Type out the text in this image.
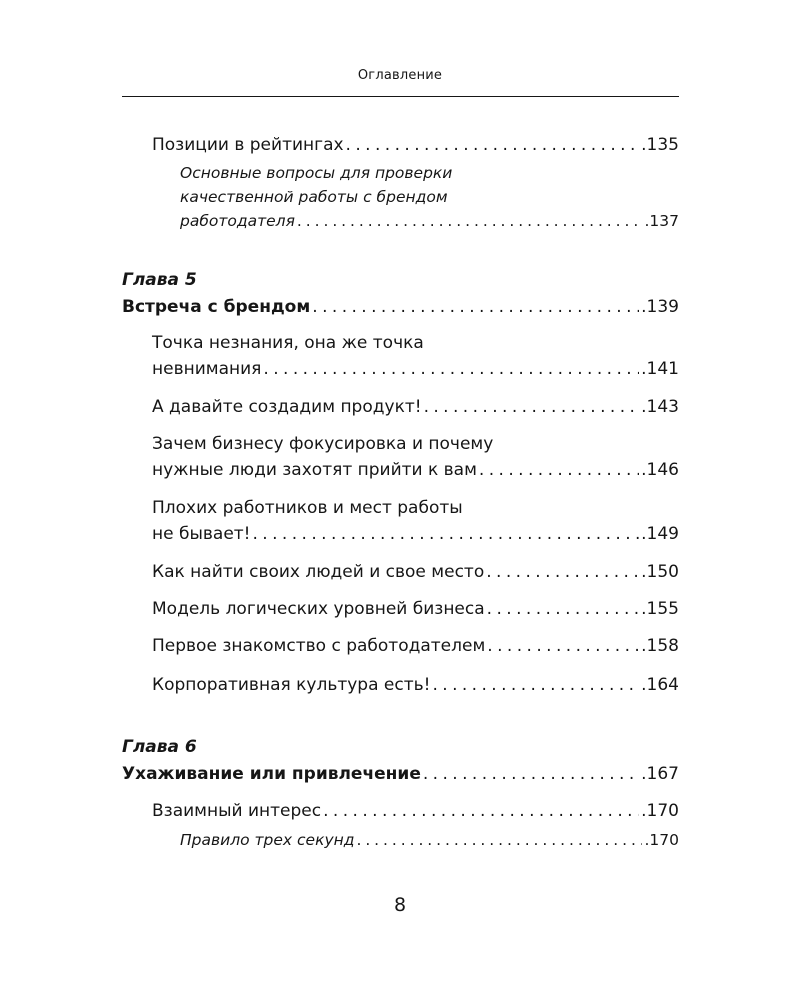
Оглавление
Позиции в рейтингах . . .	.135
Основные вопросы для проверки
качественной работы с брендом
работодателя . . .	.137
Глава 5
Встреча с брендом . . .	.139
Точка незнания, она же точка
невнимания . . .	.141
А давайте создадим продукт! . . .	.143
Зачем бизнесу фокусировка и почему
нужные люди захотят прийти к вам . . .	.146
Плохих работников и мест работы
не бывает! . . .	.149
Как найти своих людей и свое место . . .	.150
Модель логических уровней бизнеса . . .	.155
Первое знакомство с работодателем . . .	.158
Корпоративная культура есть! . . .	.164
Глава 6
Ухаживание или привлечение . . .	.167
Взаимный интерес . . .	.170
Правило трех секунд . . .	.170
8
